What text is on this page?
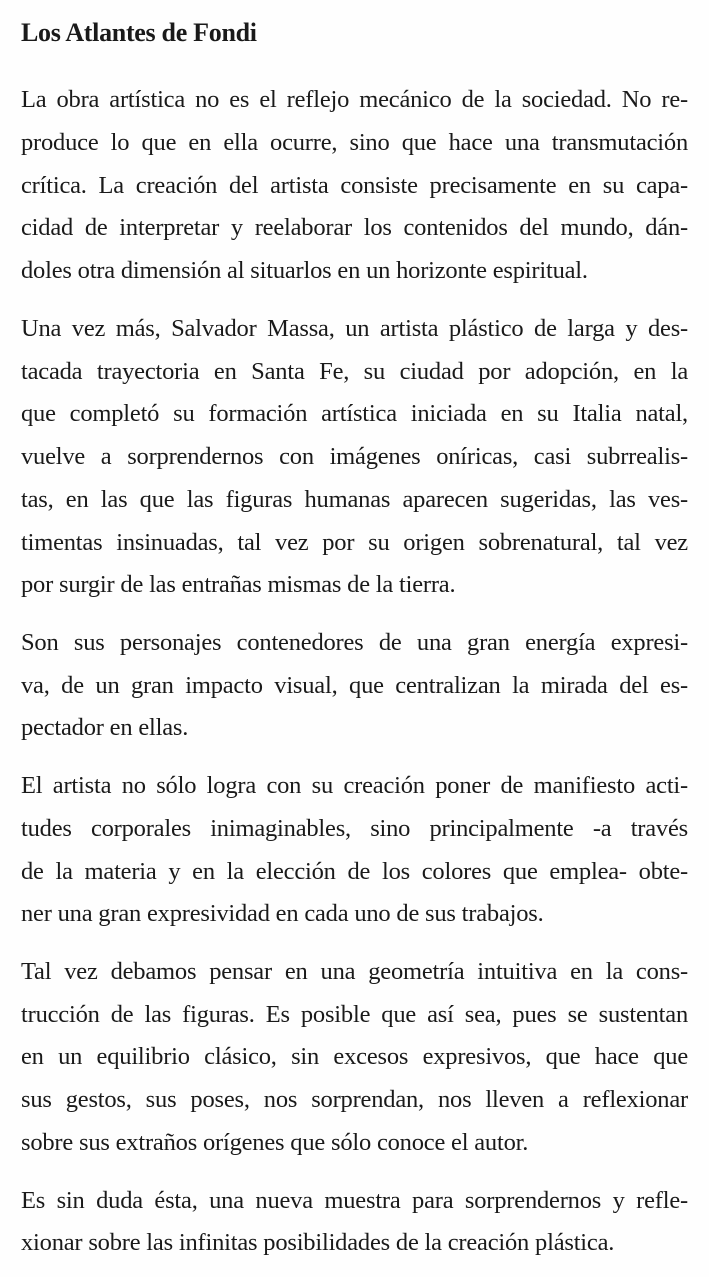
Los Atlantes de Fondi
La obra artística no es el reflejo mecánico de la sociedad. No re-
produce lo que en ella ocurre, sino que hace una transmutación
crítica. La creación del artista consiste precisamente en su capa-
cidad de interpretar y reelaborar los contenidos del mundo, dán-
doles otra dimensión al situarlos en un horizonte espiritual.
Una vez más, Salvador Massa, un artista plástico de larga y des-
tacada trayectoria en Santa Fe, su ciudad por adopción, en la
que completó su formación artística iniciada en su Italia natal,
vuelve a sorprendernos con imágenes oníricas, casi subrrealis-
tas, en las que las figuras humanas aparecen sugeridas, las ves-
timentas insinuadas, tal vez por su origen sobrenatural, tal vez
por surgir de las entrañas mismas de la tierra.
Son sus personajes contenedores de una gran energía expresi-
va, de un gran impacto visual, que centralizan la mirada del es-
pectador en ellas.
El artista no sólo logra con su creación poner de manifiesto acti-
tudes corporales inimaginables, sino principalmente -a través
de la materia y en la elección de los colores que emplea- obte-
ner una gran expresividad en cada uno de sus trabajos.
Tal vez debamos pensar en una geometría intuitiva en la cons-
trucción de las figuras. Es posible que así sea, pues se sustentan
en un equilibrio clásico, sin excesos expresivos, que hace que
sus gestos, sus poses, nos sorprendan, nos lleven a reflexionar
sobre sus extraños orígenes que sólo conoce el autor.
Es sin duda ésta, una nueva muestra para sorprendernos y refle-
xionar sobre las infinitas posibilidades de la creación plástica.
